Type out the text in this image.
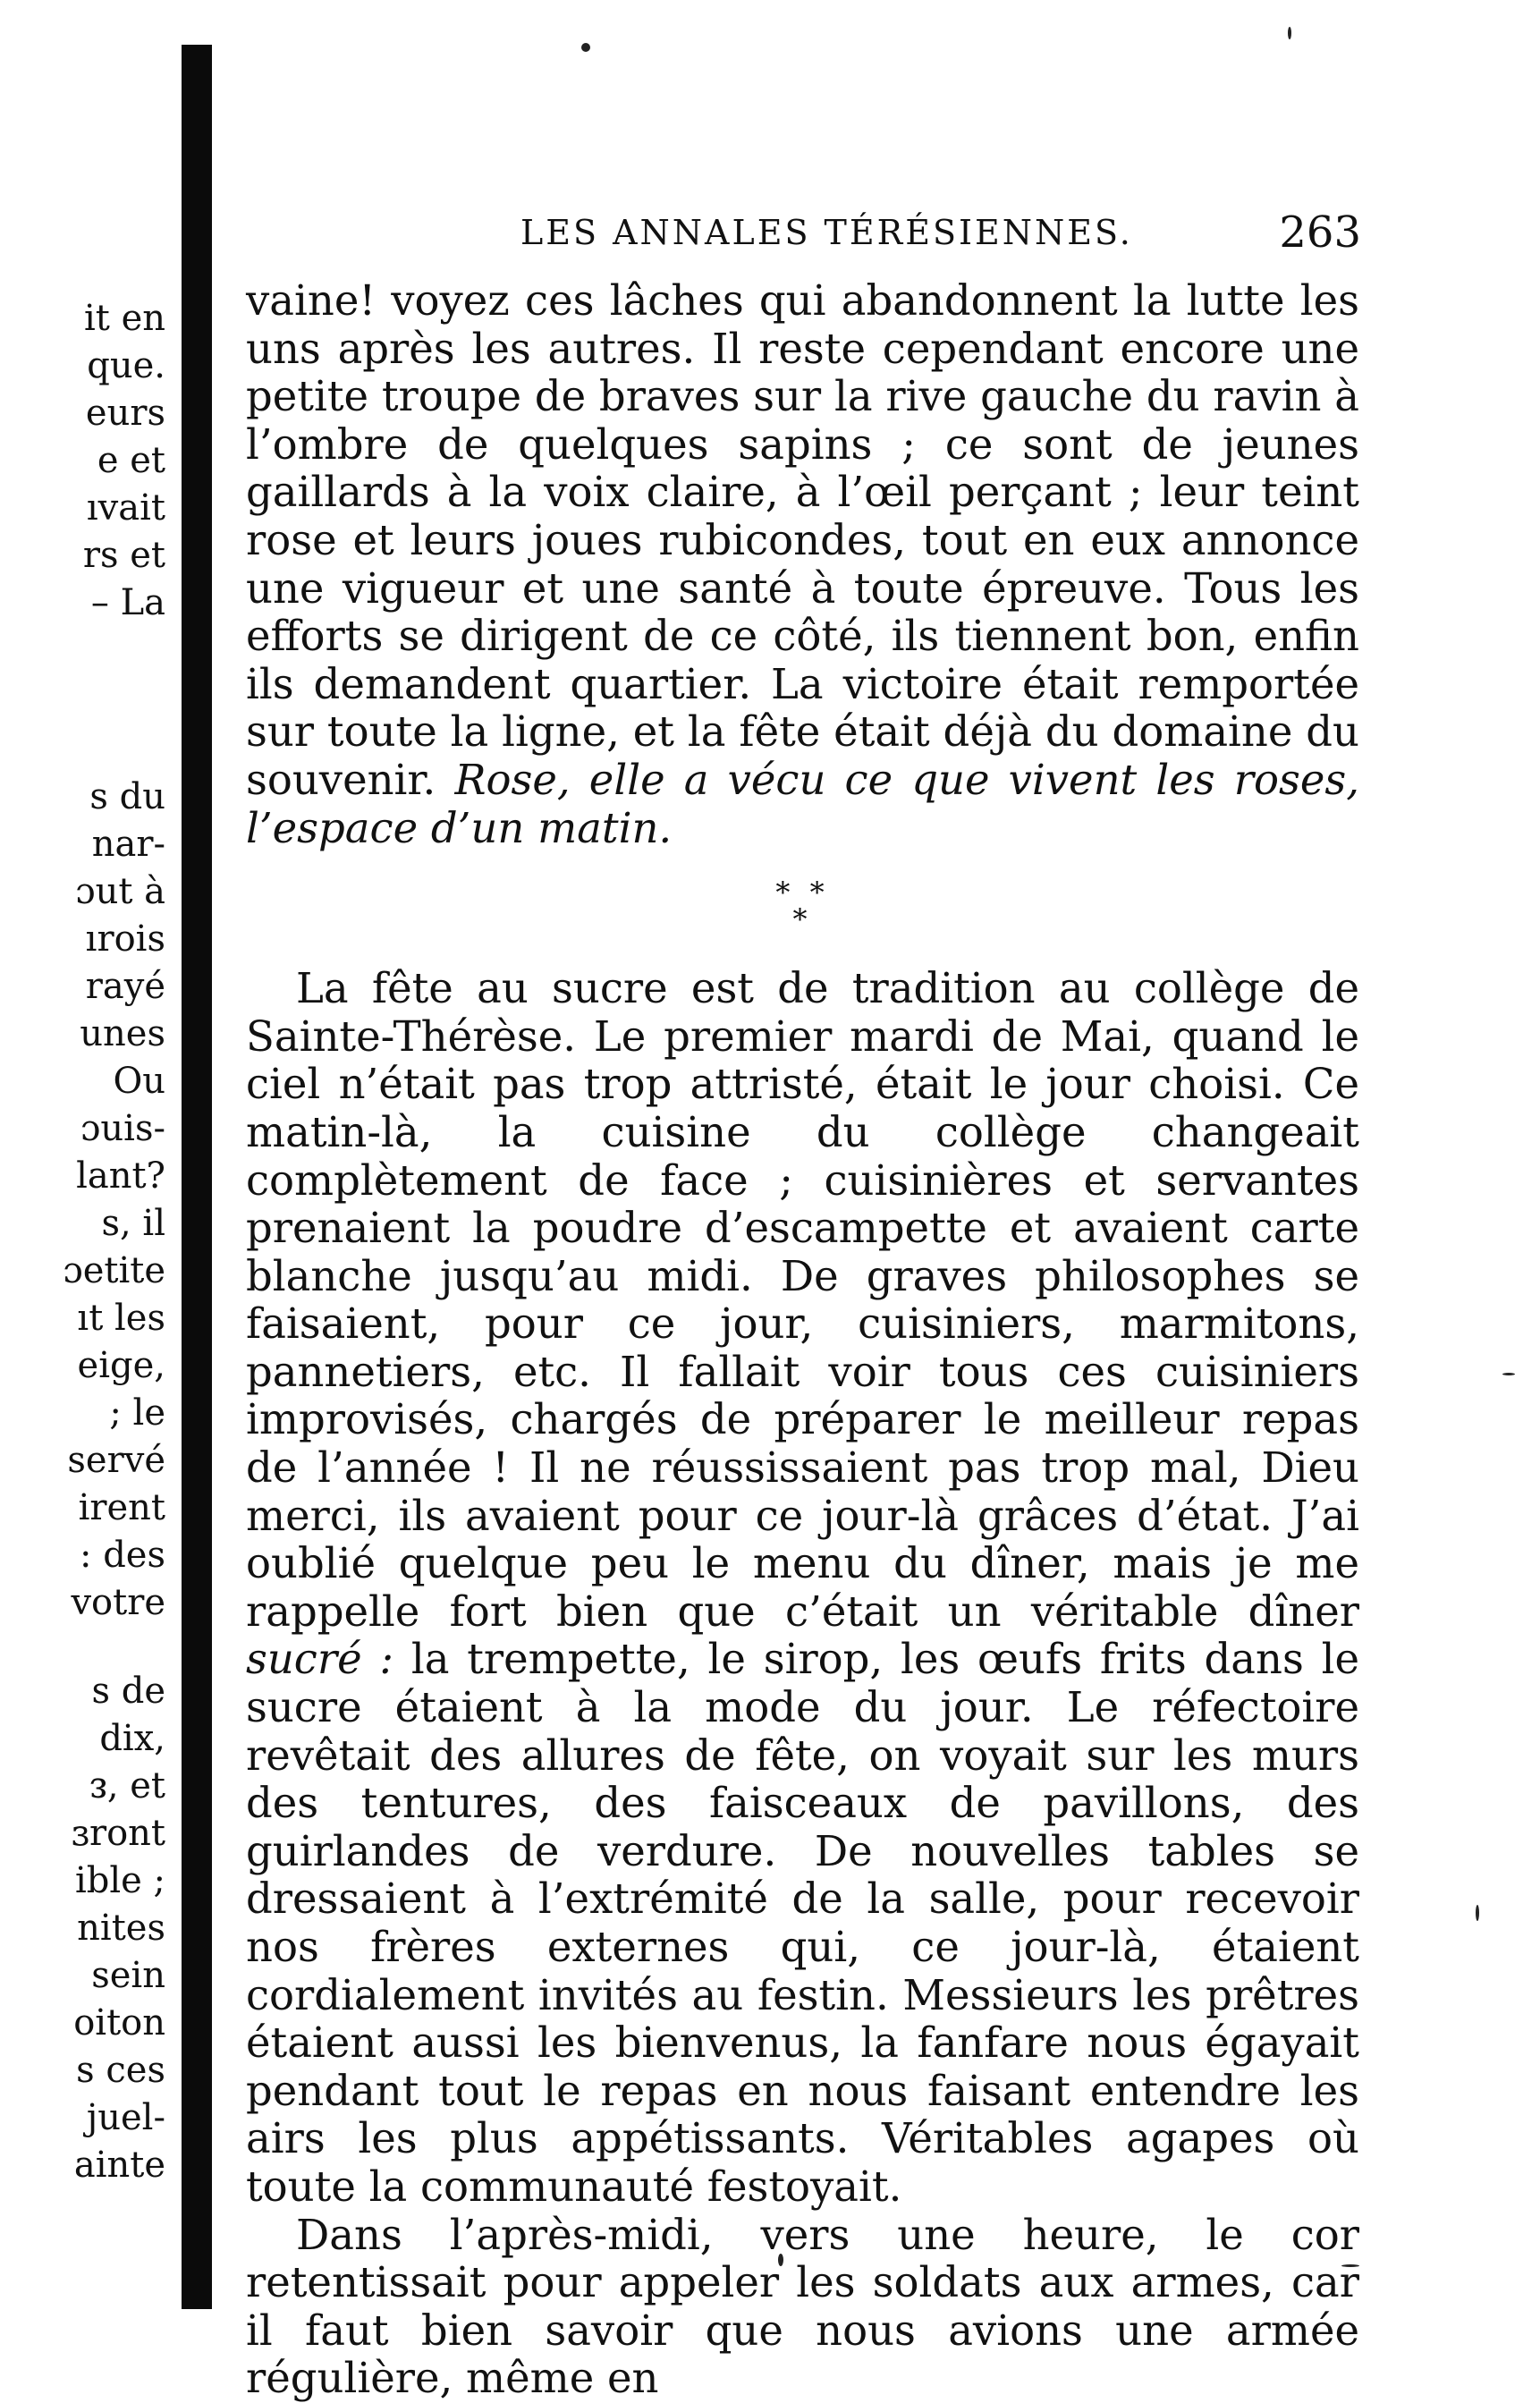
it en
que.
eurs
e et
ıvait
rs et
– La
s du
nar-
ɔut à
ırois
rayé
unes
Ou
ɔuis-
lant?
s, il
ɔetite
ıt les
eige,
; le
servé
irent
: des
votre
s de
dix,
ᴈ, et
ɜront
ible ;
nites
sein
oiton
s ces
juel-
ainte
LES ANNALES TÉRÉSIENNES.	263

vaine! voyez ces lâches qui abandonnent la lutte les uns après les autres. Il reste cependant encore une petite troupe de braves sur la rive gauche du ravin à l’ombre de quelques sapins ; ce sont de jeunes gaillards à la voix claire, à l’œil perçant ; leur teint rose et leurs joues rubicondes, tout en eux annonce une vigueur et une santé à toute épreuve. Tous les efforts se dirigent de ce côté, ils tiennent bon, enfin ils demandent quartier. La victoire était remportée sur toute la ligne, et la fête était déjà du domaine du souvenir. Rose, elle a vécu ce que vivent les roses, l’espace d’un matin.

* *
*

La fête au sucre est de tradition au collège de Sainte-Thérèse. Le premier mardi de Mai, quand le ciel n’était pas trop attristé, était le jour choisi. Ce matin-là, la cuisine du collège changeait complètement de face ; cuisinières et servantes prenaient la poudre d’escampette et avaient carte blanche jusqu’au midi. De graves philosophes se faisaient, pour ce jour, cuisiniers, marmitons, pannetiers, etc. Il fallait voir tous ces cuisiniers improvisés, chargés de préparer le meilleur repas de l’année ! Il ne réussissaient pas trop mal, Dieu merci, ils avaient pour ce jour-là grâces d’état. J’ai oublié quelque peu le menu du dîner, mais je me rappelle fort bien que c’était un véritable dîner sucré : la trempette, le sirop, les œufs frits dans le sucre étaient à la mode du jour. Le réfectoire revêtait des allures de fête, on voyait sur les murs des tentures, des faisceaux de pavillons, des guirlandes de verdure. De nouvelles tables se dressaient à l’extrémité de la salle, pour recevoir nos frères externes qui, ce jour-là, étaient cordialement invités au festin. Messieurs les prêtres étaient aussi les bienvenus, la fanfare nous égayait pendant tout le repas en nous faisant entendre les airs les plus appétissants. Véritables agapes où toute la communauté festoyait.

Dans l’après-midi, vers une heure, le cor retentissait pour appeler les soldats aux armes, car il faut bien savoir que nous avions une armée régulière, même en
